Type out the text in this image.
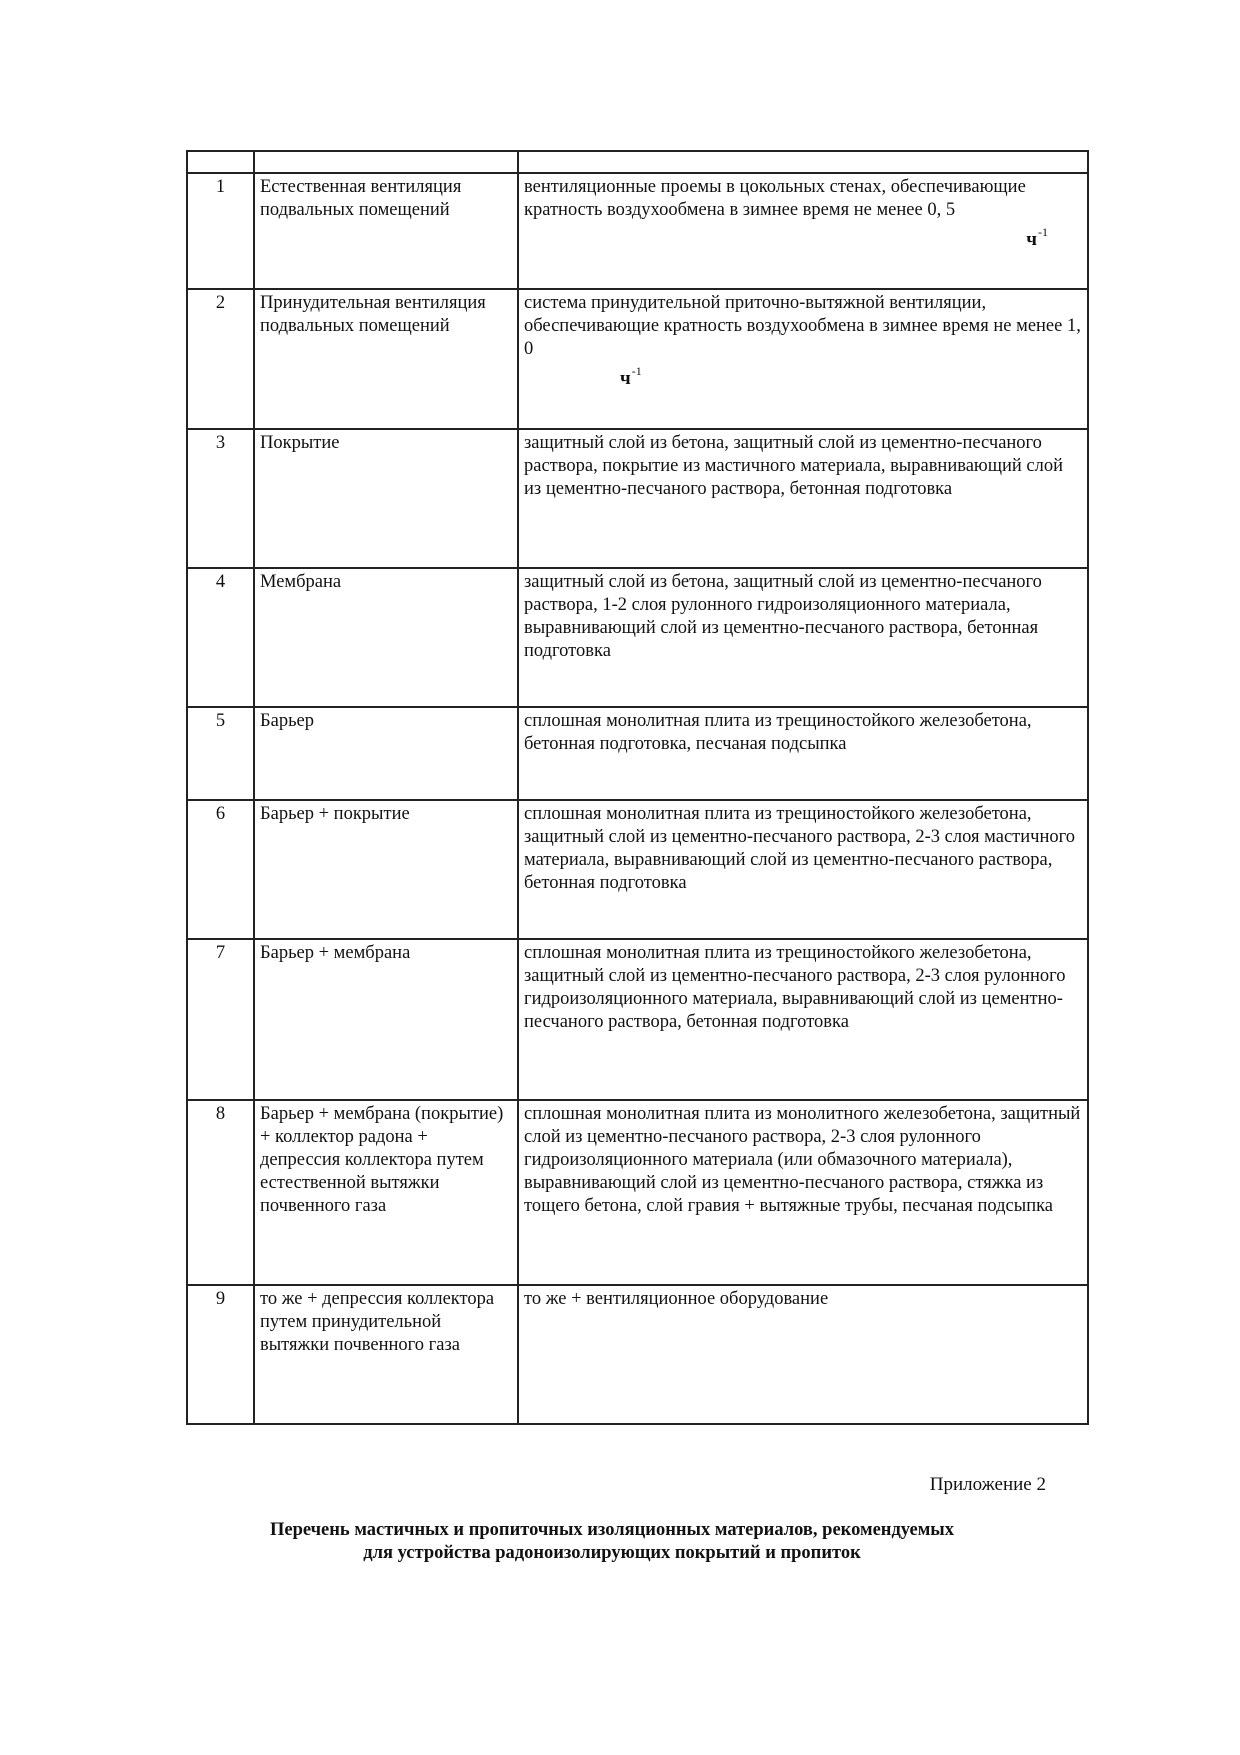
1	Естественная вентиляция подвальных помещений	вентиляционные проемы в цокольных стенах, обеспечивающие кратность воздухообмена в зимнее время не менее 0, 5
$ч^{-1}$

2	Принудительная вентиляция подвальных помещений	система принудительной приточно-вытяжной вентиляции, обеспечивающие кратность воздухообмена в зимнее время не менее 1, 0
$ч^{-1}$

3	Покрытие	защитный слой из бетона, защитный слой из цементно-песчаного раствора, покрытие из мастичного материала, выравнивающий слой из цементно-песчаного раствора, бетонная подготовка
4	Мембрана	защитный слой из бетона, защитный слой из цементно-песчаного раствора, 1-2 слоя рулонного гидроизоляционного материала, выравнивающий слой из цементно-песчаного раствора, бетонная подготовка
5	Барьер	сплошная монолитная плита из трещиностойкого железобетона, бетонная подготовка, песчаная подсыпка
6	Барьер + покрытие	сплошная монолитная плита из трещиностойкого железобетона, защитный слой из цементно-песчаного раствора, 2-3 слоя мастичного материала, выравнивающий слой из цементно-песчаного раствора, бетонная подготовка
7	Барьер + мембрана	сплошная монолитная плита из трещиностойкого железобетона, защитный слой из цементно-песчаного раствора, 2-3 слоя рулонного гидроизоляционного материала, выравнивающий слой из цементно-песчаного раствора, бетонная подготовка
8	Барьер + мембрана (покрытие) + коллектор радона + депрессия коллектора путем естественной вытяжки почвенного газа	сплошная монолитная плита из монолитного железобетона, защитный слой из цементно-песчаного раствора, 2-3 слоя рулонного гидроизоляционного материала (или обмазочного материала), выравнивающий слой из цементно-песчаного раствора, стяжка из тощего бетона, слой гравия + вытяжные трубы, песчаная подсыпка
9	то же + депрессия коллектора путем принудительной вытяжки почвенного газа	то же + вентиляционное оборудование
Приложение 2
Перечень мастичных и пропиточных изоляционных материалов, рекомендуемых
для устройства радоноизолирующих покрытий и пропиток
